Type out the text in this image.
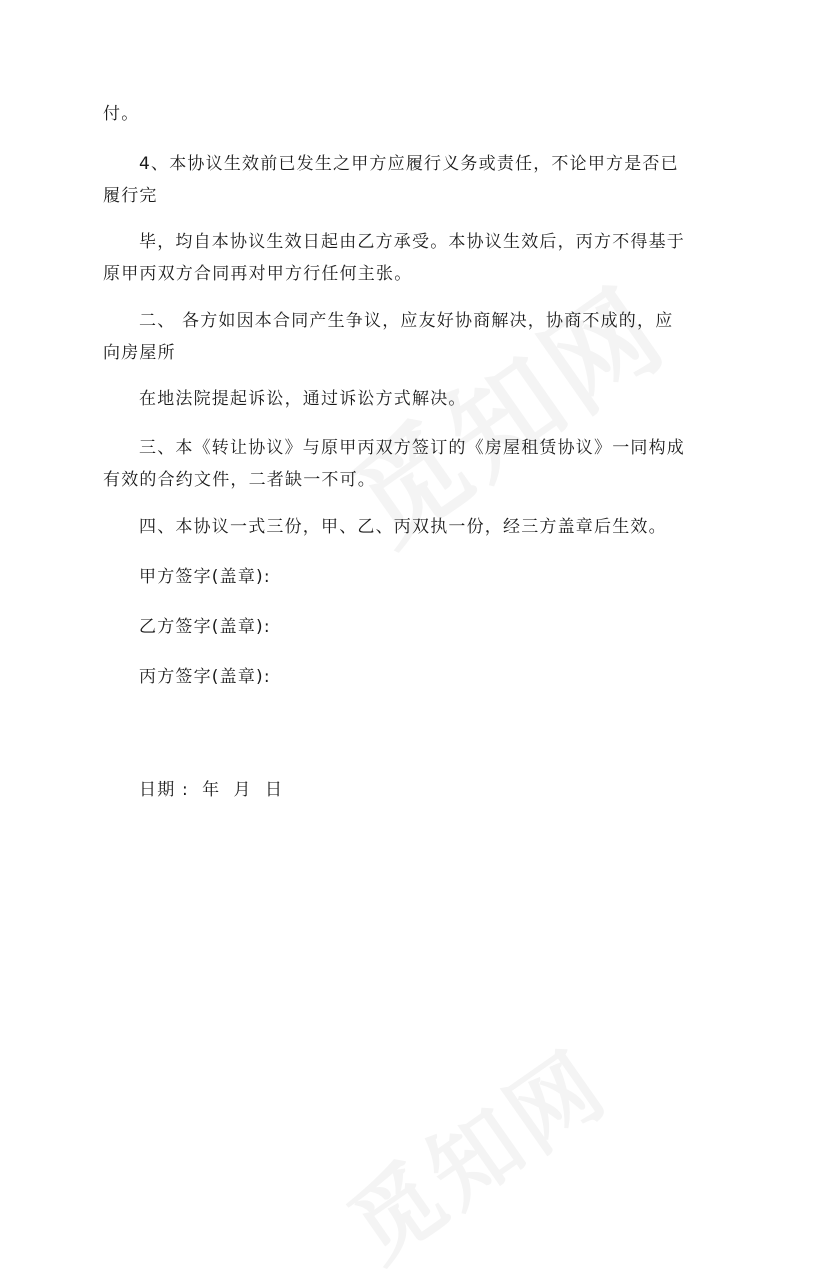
付。

4、本协议生效前已发生之甲方应履行义务或责任，不论甲方是否已
履行完

毕，均自本协议生效日起由乙方承受。本协议生效后，丙方不得基于
原甲丙双方合同再对甲方行任何主张。

二、 各方如因本合同产生争议，应友好协商解决，协商不成的，应
向房屋所

在地法院提起诉讼，通过诉讼方式解决。

三、本《转让协议》与原甲丙双方签订的《房屋租赁协议》一同构成
有效的合约文件，二者缺一不可。

四、本协议一式三份，甲、乙、丙双执一份，经三方盖章后生效。

甲方签字(盖章):

乙方签字(盖章):

丙方签字(盖章):

日期 :  年  月  日
